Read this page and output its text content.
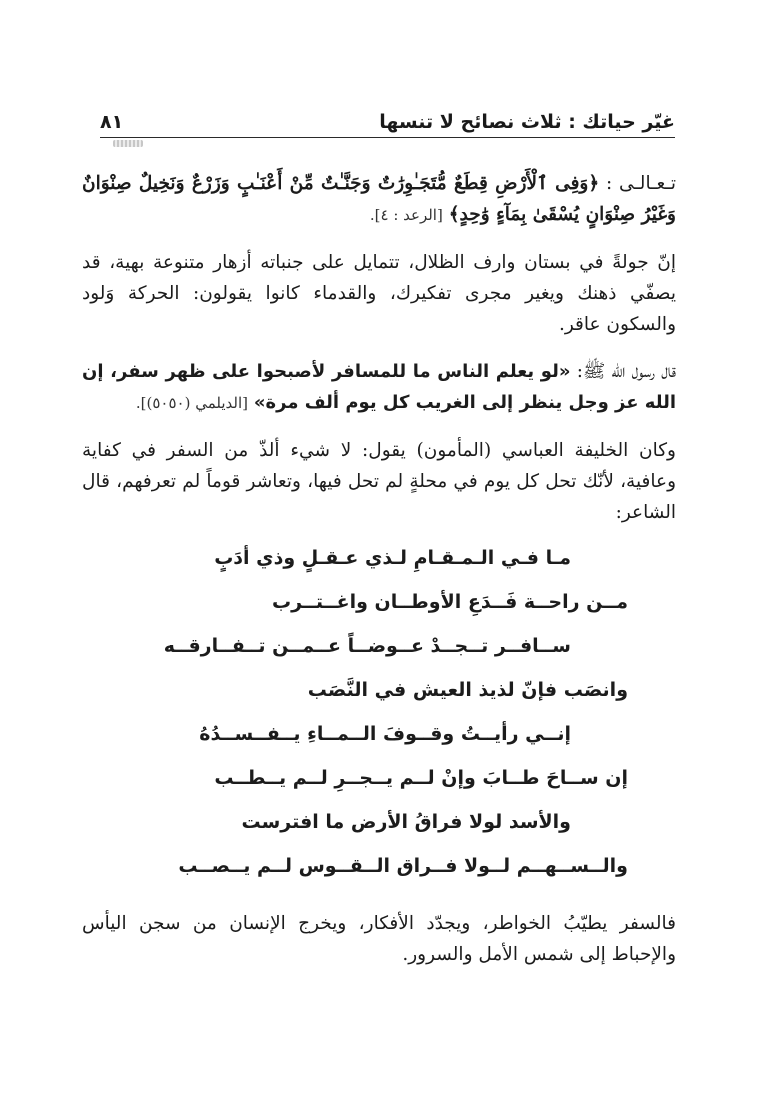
غيّر حياتك : ثلاث نصائح لا تنسها
٨١

تـعـالـى : ﴿وَفِى ٱلْأَرْضِ قِطَعٌ مُّتَجَـٰوِرَٰتٌ وَجَنَّـٰتٌ مِّنْ أَعْنَـٰبٍ وَزَرْعٌ وَنَخِيلٌ صِنْوَانٌ وَغَيْرُ صِنْوَانٍ يُسْقَىٰ بِمَآءٍ وَٰحِدٍ﴾ [الرعد : ٤].

إنّ جولةً في بستان وارف الظلال، تتمايل على جنباته أزهار متنوعة بهية، قد يصفّي ذهنك ويغير مجرى تفكيرك، والقدماء كانوا يقولون: الحركة وَلود والسكون عاقر.

قال رسول الله ﷺ: «لو يعلم الناس ما للمسافر لأصبحوا على ظهر سفر، إن الله عز وجل ينظر إلى الغريب كل يوم ألف مرة» [الديلمي (٥٠٥٠)].

وكان الخليفة العباسي (المأمون) يقول: لا شيء ألذّ من السفر في كفاية وعافية، لأنّك تحل كل يوم في محلةٍ لم تحل فيها، وتعاشر قوماً لم تعرفهم، قال الشاعر:

مـا فـي الـمـقـامِ لـذي عـقـلٍ وذي أدَبٍ
مــن راحــة فَــدَعِ الأوطــان واغــتــرب
ســافــر تــجــدْ عــوضــاً عــمــن تــفــارقــه
وانصَب فإنّ لذيذ العيش في النَّصَب
إنــي رأيــتُ وقــوفَ الــمــاءِ يــفــســدُهُ
إن ســاحَ طــابَ وإنْ لــم يــجــرِ لــم يــطــب
والأسد لولا فراقُ الأرض ما افترست
والــســهــم لــولا فــراق الــقــوس لــم يــصــب

فالسفر يطيّبُ الخواطر، ويجدّد الأفكار، ويخرج الإنسان من سجن اليأس والإحباط إلى شمس الأمل والسرور.
